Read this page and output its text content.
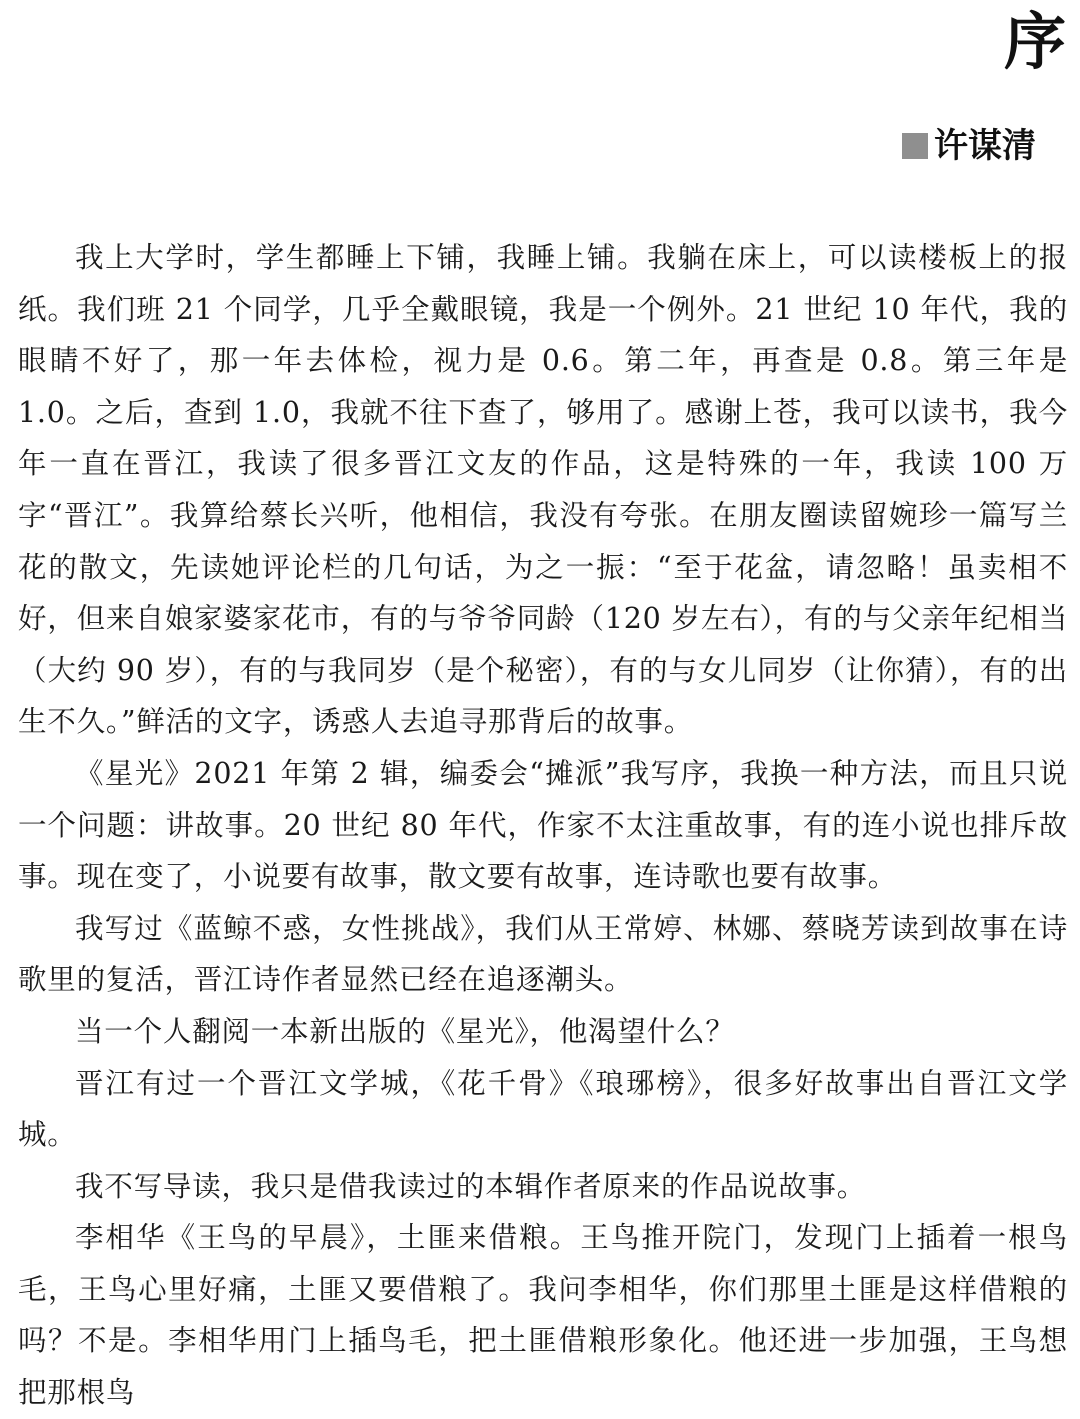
序
许谋清

我上大学时，学生都睡上下铺，我睡上铺。我躺在床上，可以读楼板上的报纸。我们班 21 个同学，几乎全戴眼镜，我是一个例外。21 世纪 10 年代，我的眼睛不好了，那一年去体检，视力是 0.6。第二年，再查是 0.8。第三年是 1.0。之后，查到 1.0，我就不往下查了，够用了。感谢上苍，我可以读书，我今年一直在晋江，我读了很多晋江文友的作品，这是特殊的一年，我读 100 万字“晋江”。我算给蔡长兴听，他相信，我没有夸张。在朋友圈读留婉珍一篇写兰花的散文，先读她评论栏的几句话，为之一振：“至于花盆，请忽略！虽卖相不好，但来自娘家婆家花市，有的与爷爷同龄（120 岁左右），有的与父亲年纪相当（大约 90 岁），有的与我同岁（是个秘密），有的与女儿同岁（让你猜），有的出生不久。”鲜活的文字，诱惑人去追寻那背后的故事。

《星光》2021 年第 2 辑，编委会“摊派”我写序，我换一种方法，而且只说一个问题：讲故事。20 世纪 80 年代，作家不太注重故事，有的连小说也排斥故事。现在变了，小说要有故事，散文要有故事，连诗歌也要有故事。

我写过《蓝鲸不惑，女性挑战》，我们从王常婷、林娜、蔡晓芳读到故事在诗歌里的复活，晋江诗作者显然已经在追逐潮头。

当一个人翻阅一本新出版的《星光》，他渴望什么？

晋江有过一个晋江文学城，《花千骨》《琅琊榜》，很多好故事出自晋江文学城。

我不写导读，我只是借我读过的本辑作者原来的作品说故事。

李相华《王鸟的早晨》，土匪来借粮。王鸟推开院门，发现门上插着一根鸟毛，王鸟心里好痛，土匪又要借粮了。我问李相华，你们那里土匪是这样借粮的吗？不是。李相华用门上插鸟毛，把土匪借粮形象化。他还进一步加强，王鸟想把那根鸟
